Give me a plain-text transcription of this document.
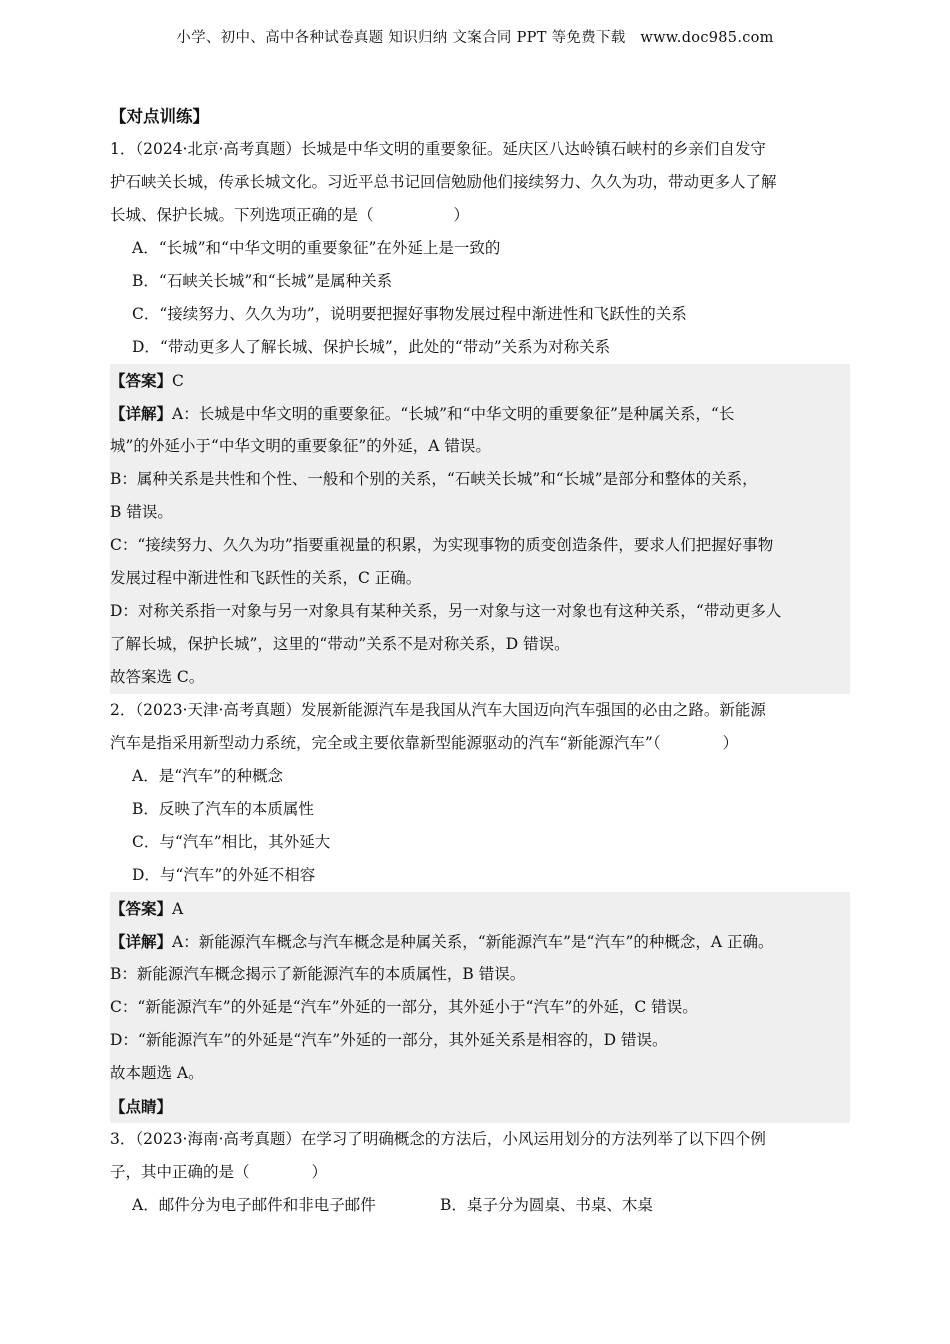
小学、初中、高中各种试卷真题 知识归纳 文案合同 PPT 等免费下载　www.doc985.com
【对点训练】
1．（2024·北京·高考真题）长城是中华文明的重要象征。延庆区八达岭镇石峡村的乡亲们自发守
护石峡关长城，传承长城文化。习近平总书记回信勉励他们接续努力、久久为功，带动更多人了解
长城、保护长城。下列选项正确的是（	）
A．“长城”和“中华文明的重要象征”在外延上是一致的
B．“石峡关长城”和“长城”是属种关系
C．“接续努力、久久为功”，说明要把握好事物发展过程中渐进性和飞跃性的关系
D．“带动更多人了解长城、保护长城”，此处的“带动”关系为对称关系
【答案】C
【详解】A：长城是中华文明的重要象征。“长城”和“中华文明的重要象征”是种属关系，“长
城”的外延小于“中华文明的重要象征”的外延，A 错误。
B：属种关系是共性和个性、一般和个别的关系，“石峡关长城”和“长城”是部分和整体的关系，
B 错误。
C：“接续努力、久久为功”指要重视量的积累，为实现事物的质变创造条件，要求人们把握好事物
发展过程中渐进性和飞跃性的关系，C 正确。
D：对称关系指一对象与另一对象具有某种关系，另一对象与这一对象也有这种关系，“带动更多人
了解长城，保护长城”，这里的“带动”关系不是对称关系，D 错误。
故答案选 C。
2．（2023·天津·高考真题）发展新能源汽车是我国从汽车大国迈向汽车强国的必由之路。新能源
汽车是指采用新型动力系统，完全或主要依靠新型能源驱动的汽车“新能源汽车”（	）
A．是“汽车”的种概念
B．反映了汽车的本质属性
C．与“汽车”相比，其外延大
D．与“汽车”的外延不相容
【答案】A
【详解】A：新能源汽车概念与汽车概念是种属关系，“新能源汽车”是“汽车”的种概念，A 正确。
B：新能源汽车概念揭示了新能源汽车的本质属性，B 错误。
C：“新能源汽车”的外延是“汽车”外延的一部分，其外延小于“汽车”的外延，C 错误。
D：“新能源汽车”的外延是“汽车”外延的一部分，其外延关系是相容的，D 错误。
故本题选 A。
【点睛】
3．（2023·海南·高考真题）在学习了明确概念的方法后，小风运用划分的方法列举了以下四个例
子，其中正确的是（	）
A．邮件分为电子邮件和非电子邮件	B．桌子分为圆桌、书桌、木桌
